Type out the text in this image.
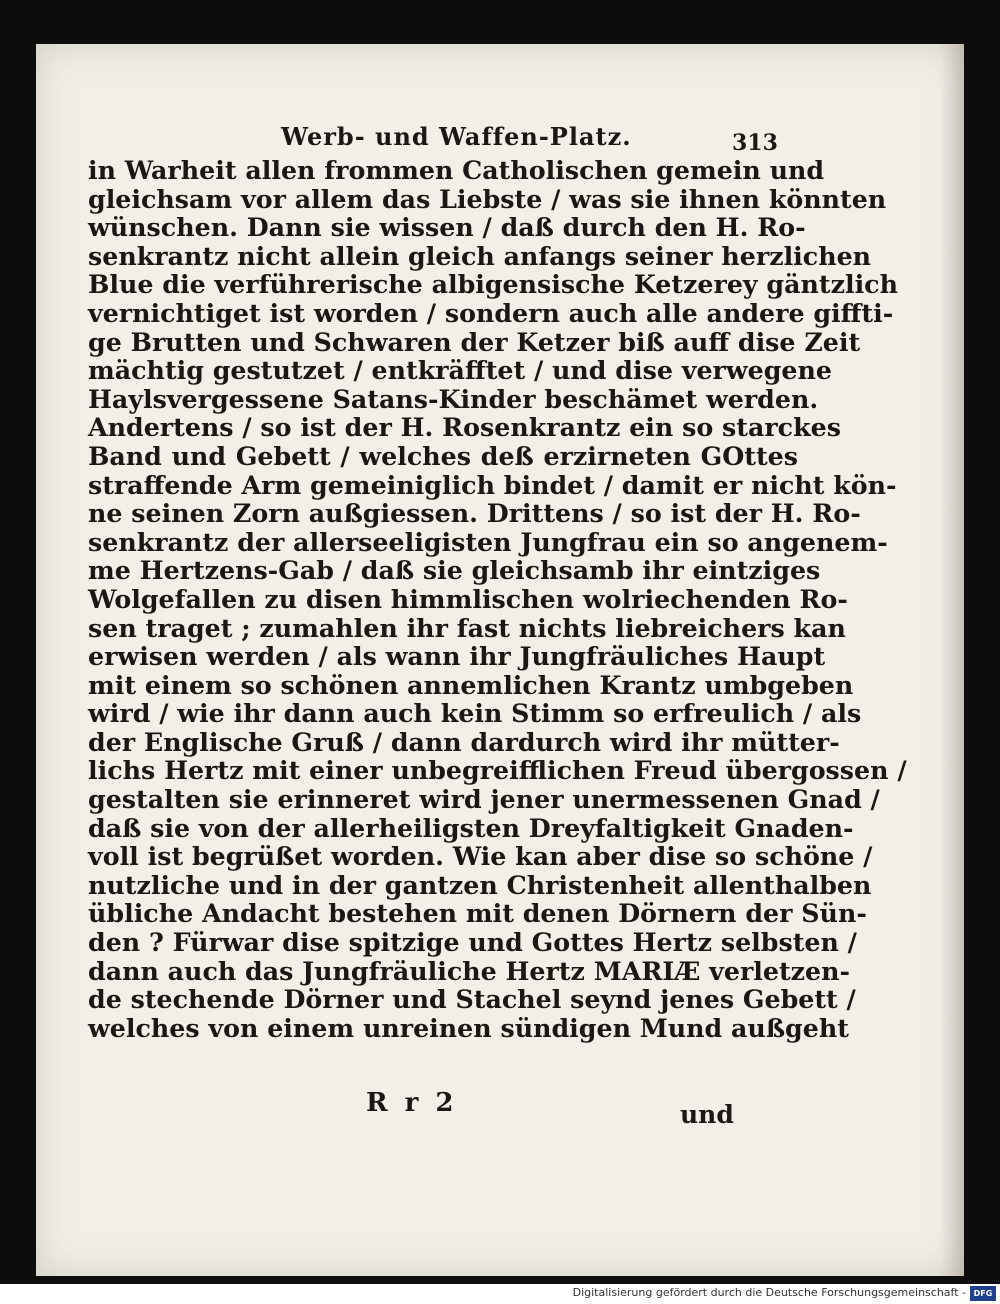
Werb- und Waffen-Platz.	313
in Warheit allen frommen Catholischen gemein und
gleichsam vor allem das Liebste / was sie ihnen könnten
wünschen. Dann sie wissen / daß durch den H. Ro-
senkrantz nicht allein gleich anfangs seiner herzlichen
Blue die verführerische albigensische Ketzerey gäntzlich
vernichtiget ist worden / sondern auch alle andere giffti-
ge Brutten und Schwaren der Ketzer biß auff dise Zeit
mächtig gestutzet / entkräfftet / und dise verwegene
Haylsvergessene Satans-Kinder beschämet werden.
Andertens / so ist der H. Rosenkrantz ein so starckes
Band und Gebett / welches deß erzirneten GOttes
straffende Arm gemeiniglich bindet / damit er nicht kön-
ne seinen Zorn außgiessen. Drittens / so ist der H. Ro-
senkrantz der allerseeligisten Jungfrau ein so angenem-
me Hertzens-Gab / daß sie gleichsamb ihr eintziges
Wolgefallen zu disen himmlischen wolriechenden Ro-
sen traget ; zumahlen ihr fast nichts liebreichers kan
erwisen werden / als wann ihr Jungfräuliches Haupt
mit einem so schönen annemlichen Krantz umbgeben
wird / wie ihr dann auch kein Stimm so erfreulich / als
der Englische Gruß / dann dardurch wird ihr mütter-
lichs Hertz mit einer unbegreifflichen Freud übergossen /
gestalten sie erinneret wird jener unermessenen Gnad /
daß sie von der allerheiligsten Dreyfaltigkeit Gnaden-
voll ist begrüßet worden. Wie kan aber dise so schöne /
nutzliche und in der gantzen Christenheit allenthalben
übliche Andacht bestehen mit denen Dörnern der Sün-
den ? Fürwar dise spitzige und Gottes Hertz selbsten /
dann auch das Jungfräuliche Hertz MARIÆ verletzen-
de stechende Dörner und Stachel seynd jenes Gebett /
welches von einem unreinen sündigen Mund außgeht
R r 2	und
Digitalisierung gefördert durch die Deutsche Forschungsgemeinschaft - DFG
